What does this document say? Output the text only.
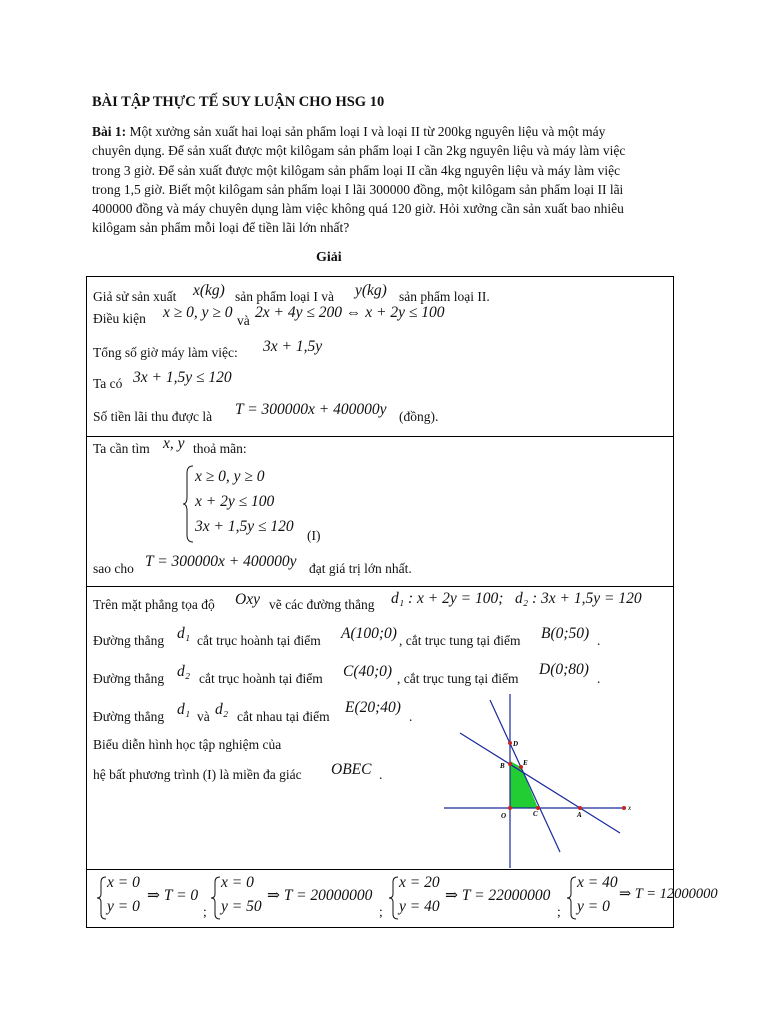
BÀI TẬP THỰC TẾ SUY LUẬN CHO HSG 10
Bài 1: Một xưởng sản xuất hai loại sản phẩm loại I và loại II từ 200kg nguyên liệu và một máy
chuyên dụng. Để sản xuất được một kilôgam sản phẩm loại I cần 2kg nguyên liệu và máy làm việc
trong 3 giờ. Để sản xuất được một kilôgam sản phẩm loại II cần 4kg nguyên liệu và máy làm việc
trong 1,5 giờ. Biết một kilôgam sản phẩm loại I lãi 300000 đồng, một kilôgam sản phẩm loại II lãi
400000 đồng và máy chuyên dụng làm việc không quá 120 giờ. Hỏi xưởng cần sản xuất bao nhiêu
kilôgam sản phẩm mỗi loại để tiền lãi lớn nhất?
Giải
Giả sử sản xuất x(kg) sản phẩm loại I và y(kg) sản phẩm loại II.
Điều kiện x ≥ 0, y ≥ 0 và 2x + 4y ≤ 200 ⇔ x + 2y ≤ 100
Tổng số giờ máy làm việc: 3x + 1,5y
Ta có 3x + 1,5y ≤ 120
Số tiền lãi thu được là T = 300000x + 400000y (đồng).
Ta cần tìm x, y thoả mãn:
x ≥ 0, y ≥ 0
x + 2y ≤ 100
3x + 1,5y ≤ 120
(I)
sao cho T = 300000x + 400000y đạt giá trị lớn nhất.
Trên mặt phẳng tọa độ Oxy vẽ các đường thẳng d₁ : x + 2y = 100; d₂ : 3x + 1,5y = 120
Đường thẳng d₁ cắt trục hoành tại điểm A(100;0) , cắt trục tung tại điểm B(0;50) .
Đường thẳng d₂ cắt trục hoành tại điểm C(40;0) , cắt trục tung tại điểm
D(0;80)
.
Đường thẳng d₁ và d₂ cắt nhau tại điểm
E(20;40)
.
Biểu diễn hình học tập nghiệm của
hệ bất phương trình (I) là miền đa giác OBEC .
D
B	E
O	C	A
x
x = 0
y = 0
⇒ T = 0
;
x = 0
y = 50
⇒ T = 20000000
;
x = 20
y = 40
⇒ T = 22000000
;
x = 40
y = 0
⇒ T = 12000000
